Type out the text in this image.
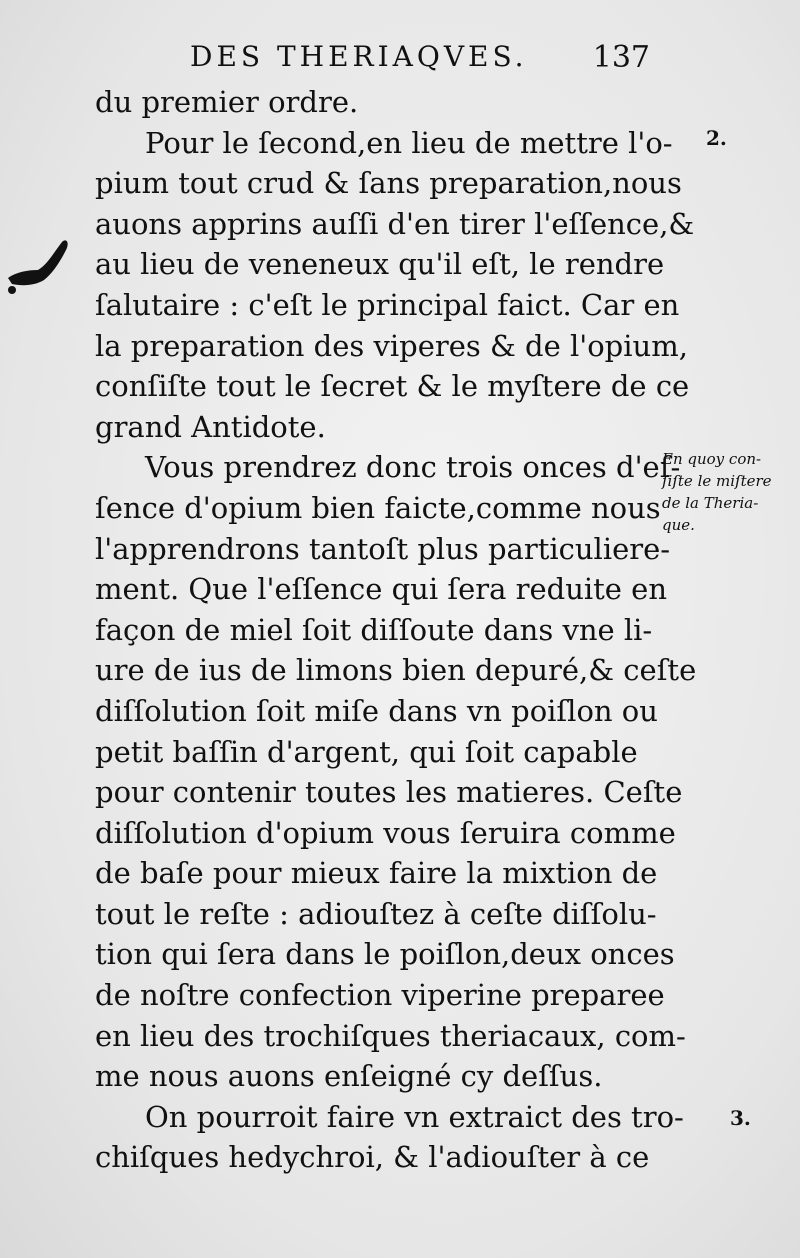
DES THERIAQVES. 137
du premier ordre.
Pour le ſecond,en lieu de mettre l'o-
pium tout crud & ſans preparation,nous
auons apprins auſſi d'en tirer l'eſſence,&
au lieu de veneneux qu'il eſt, le rendre
ſalutaire : c'eſt le principal faict. Car en
la preparation des viperes & de l'opium,
conſiſte tout le ſecret & le myſtere de ce
grand Antidote.
Vous prendrez donc trois onces d'eſ-
ſence d'opium bien faicte,comme nous
l'apprendrons tantoſt plus particuliere-
ment. Que l'eſſence qui ſera reduite en
façon de miel ſoit diſſoute dans vne li-
ure de ius de limons bien depuré,& ceſte
diſſolution ſoit miſe dans vn poiſlon ou
petit baſſin d'argent, qui ſoit capable
pour contenir toutes les matieres. Ceſte
diſſolution d'opium vous ſeruira comme
de baſe pour mieux faire la mixtion de
tout le reſte : adiouſtez à ceſte diſſolu-
tion qui ſera dans le poiſlon,deux onces
de noſtre confection viperine preparee
en lieu des trochiſques theriacaux, com-
me nous auons enſeigné cy deſſus.
On pourroit faire vn extraict des tro-
chiſques hedychroi, & l'adiouſter à ce
En quoy con-
ſiſte le miſtere
de la Theria-
que.
2.
3.
